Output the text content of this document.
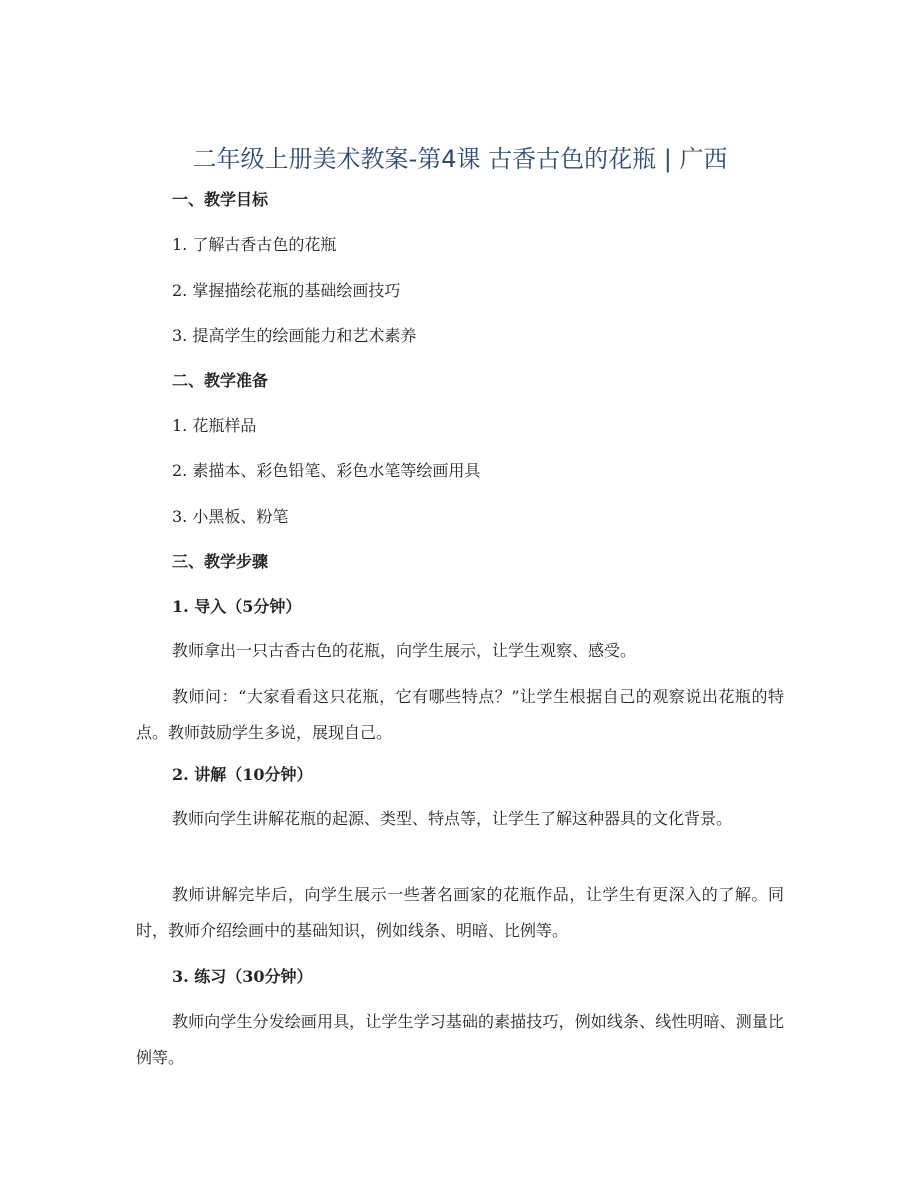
二年级上册美术教案-第4课 古香古色的花瓶 | 广西
一、教学目标
1. 了解古香古色的花瓶
2. 掌握描绘花瓶的基础绘画技巧
3. 提高学生的绘画能力和艺术素养
二、教学准备
1. 花瓶样品
2. 素描本、彩色铅笔、彩色水笔等绘画用具
3. 小黑板、粉笔
三、教学步骤
1. 导入（5分钟）
教师拿出一只古香古色的花瓶，向学生展示，让学生观察、感受。
教师问：“大家看看这只花瓶，它有哪些特点？”让学生根据自己的观察说出花瓶的特点。教师鼓励学生多说，展现自己。
2. 讲解（10分钟）
教师向学生讲解花瓶的起源、类型、特点等，让学生了解这种器具的文化背景。
教师讲解完毕后，向学生展示一些著名画家的花瓶作品，让学生有更深入的了解。同时，教师介绍绘画中的基础知识，例如线条、明暗、比例等。
3. 练习（30分钟）
教师向学生分发绘画用具，让学生学习基础的素描技巧，例如线条、线性明暗、测量比例等。
